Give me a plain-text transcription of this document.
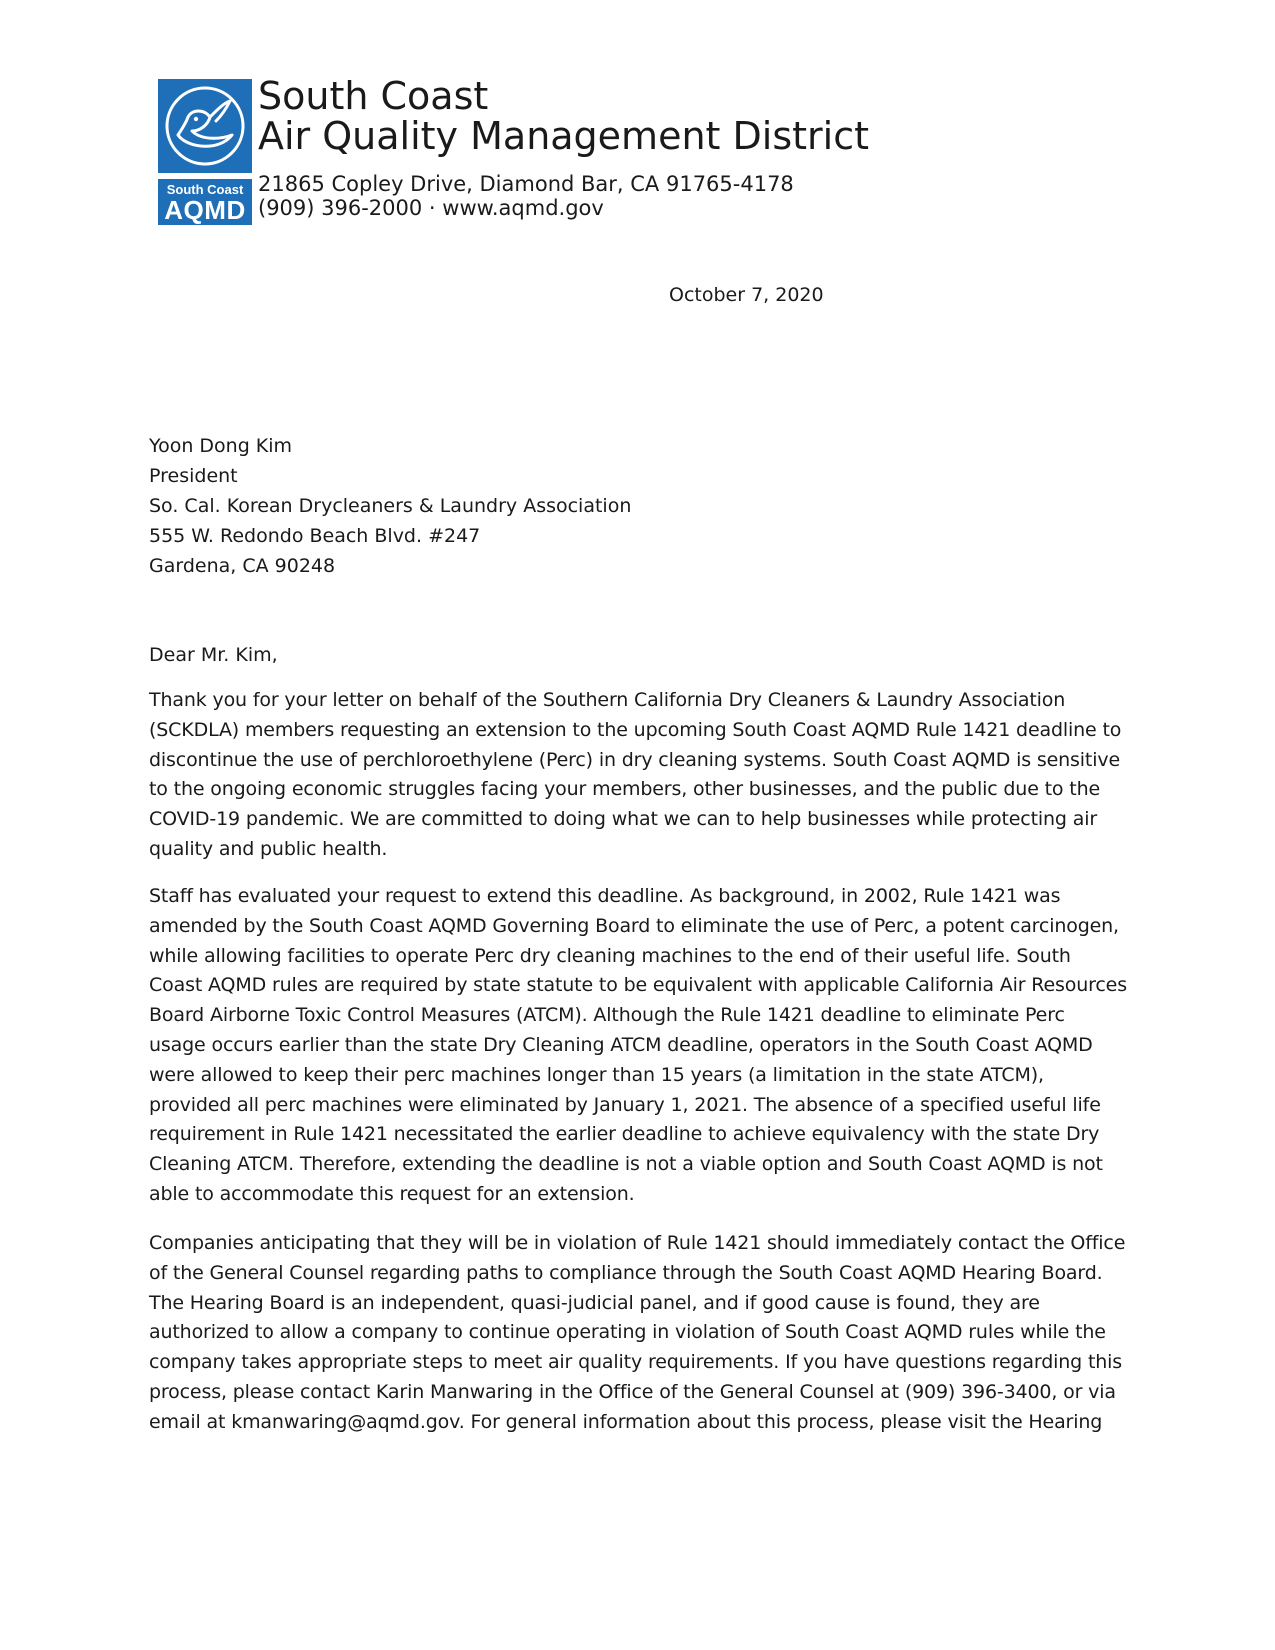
South Coast
AQMD
South Coast
Air Quality Management District
21865 Copley Drive, Diamond Bar, CA 91765-4178
(909) 396-2000 · www.aqmd.gov
October 7, 2020
Yoon Dong Kim
President
So. Cal. Korean Drycleaners & Laundry Association
555 W. Redondo Beach Blvd. #247
Gardena, CA 90248
Dear Mr. Kim,
Thank you for your letter on behalf of the Southern California Dry Cleaners & Laundry Association
(SCKDLA) members requesting an extension to the upcoming South Coast AQMD Rule 1421 deadline to
discontinue the use of perchloroethylene (Perc) in dry cleaning systems. South Coast AQMD is sensitive
to the ongoing economic struggles facing your members, other businesses, and the public due to the
COVID-19 pandemic. We are committed to doing what we can to help businesses while protecting air
quality and public health.
Staff has evaluated your request to extend this deadline. As background, in 2002, Rule 1421 was
amended by the South Coast AQMD Governing Board to eliminate the use of Perc, a potent carcinogen,
while allowing facilities to operate Perc dry cleaning machines to the end of their useful life. South
Coast AQMD rules are required by state statute to be equivalent with applicable California Air Resources
Board Airborne Toxic Control Measures (ATCM). Although the Rule 1421 deadline to eliminate Perc
usage occurs earlier than the state Dry Cleaning ATCM deadline, operators in the South Coast AQMD
were allowed to keep their perc machines longer than 15 years (a limitation in the state ATCM),
provided all perc machines were eliminated by January 1, 2021. The absence of a specified useful life
requirement in Rule 1421 necessitated the earlier deadline to achieve equivalency with the state Dry
Cleaning ATCM. Therefore, extending the deadline is not a viable option and South Coast AQMD is not
able to accommodate this request for an extension.
Companies anticipating that they will be in violation of Rule 1421 should immediately contact the Office
of the General Counsel regarding paths to compliance through the South Coast AQMD Hearing Board.
The Hearing Board is an independent, quasi-judicial panel, and if good cause is found, they are
authorized to allow a company to continue operating in violation of South Coast AQMD rules while the
company takes appropriate steps to meet air quality requirements. If you have questions regarding this
process, please contact Karin Manwaring in the Office of the General Counsel at (909) 396-3400, or via
email at kmanwaring@aqmd.gov. For general information about this process, please visit the Hearing
